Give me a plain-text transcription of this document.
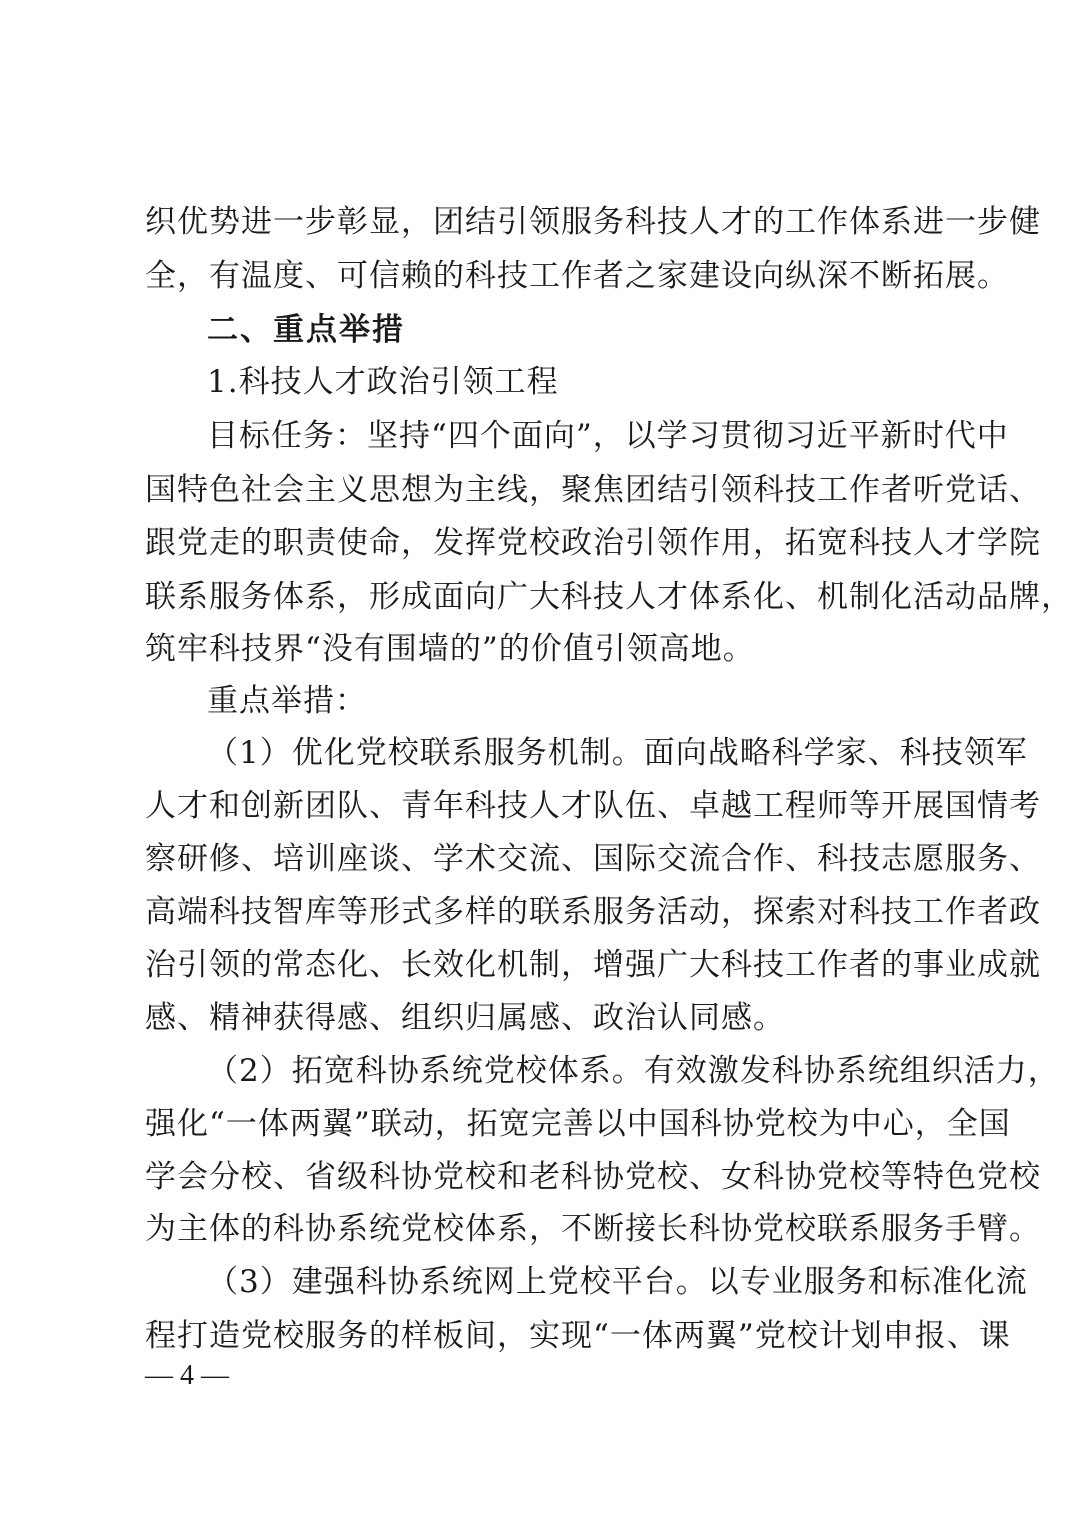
织优势进一步彰显，团结引领服务科技人才的工作体系进一步健
全，有温度、可信赖的科技工作者之家建设向纵深不断拓展。
二、重点举措
1.科技人才政治引领工程
目标任务：坚持“四个面向”，以学习贯彻习近平新时代中
国特色社会主义思想为主线，聚焦团结引领科技工作者听党话、
跟党走的职责使命，发挥党校政治引领作用，拓宽科技人才学院
联系服务体系，形成面向广大科技人才体系化、机制化活动品牌，
筑牢科技界“没有围墙的”的价值引领高地。
重点举措：
（1）优化党校联系服务机制。面向战略科学家、科技领军
人才和创新团队、青年科技人才队伍、卓越工程师等开展国情考
察研修、培训座谈、学术交流、国际交流合作、科技志愿服务、
高端科技智库等形式多样的联系服务活动，探索对科技工作者政
治引领的常态化、长效化机制，增强广大科技工作者的事业成就
感、精神获得感、组织归属感、政治认同感。
（2）拓宽科协系统党校体系。有效激发科协系统组织活力，
强化“一体两翼”联动，拓宽完善以中国科协党校为中心，全国
学会分校、省级科协党校和老科协党校、女科协党校等特色党校
为主体的科协系统党校体系，不断接长科协党校联系服务手臂。
（3）建强科协系统网上党校平台。以专业服务和标准化流
程打造党校服务的样板间，实现“一体两翼”党校计划申报、课
— 4 —
